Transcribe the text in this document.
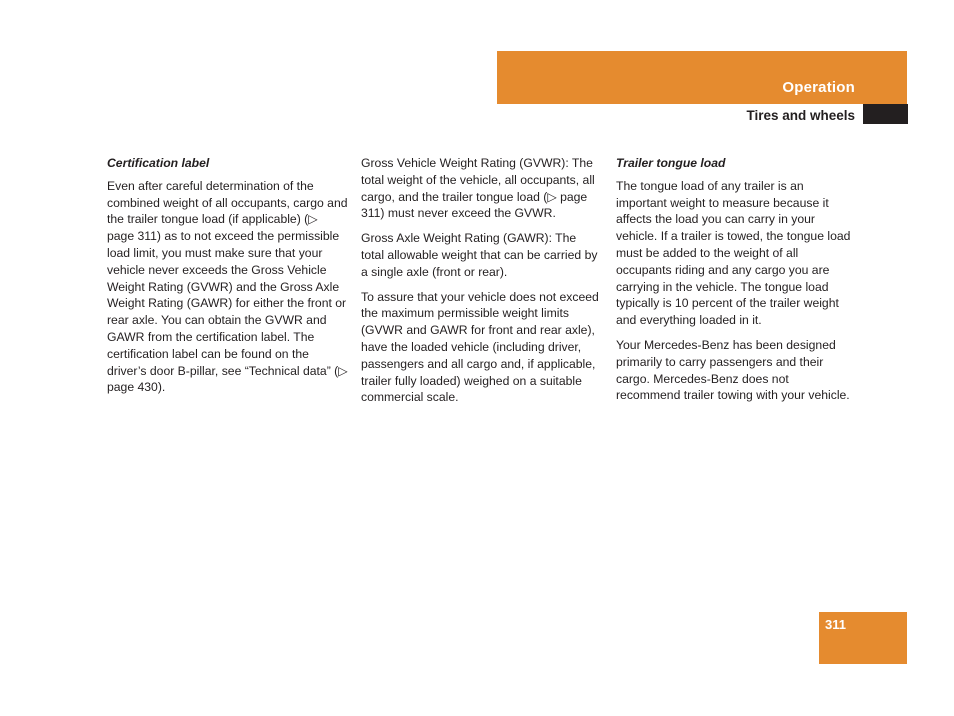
Operation
Tires and wheels
Certification label

Even after careful determination of the combined weight of all occupants, cargo and the trailer tongue load (if applicable) (▷ page 311) as to not exceed the permissible load limit, you must make sure that your vehicle never exceeds the Gross Vehicle Weight Rating (GVWR) and the Gross Axle Weight Rating (GAWR) for either the front or rear axle. You can obtain the GVWR and GAWR from the certification label. The certification label can be found on the driver’s door B-pillar, see “Technical data” (▷ page 430).

Gross Vehicle Weight Rating (GVWR): The total weight of the vehicle, all occupants, all cargo, and the trailer tongue load (▷ page 311) must never exceed the GVWR.

Gross Axle Weight Rating (GAWR): The total allowable weight that can be carried by a single axle (front or rear).

To assure that your vehicle does not exceed the maximum permissible weight limits (GVWR and GAWR for front and rear axle), have the loaded vehicle (including driver, passengers and all cargo and, if applicable, trailer fully loaded) weighed on a suitable commercial scale.

Trailer tongue load

The tongue load of any trailer is an important weight to measure because it affects the load you can carry in your vehicle. If a trailer is towed, the tongue load must be added to the weight of all occupants riding and any cargo you are carrying in the vehicle. The tongue load typically is 10 percent of the trailer weight and everything loaded in it.

Your Mercedes-Benz has been designed primarily to carry passengers and their cargo. Mercedes-Benz does not recommend trailer towing with your vehicle.

311
